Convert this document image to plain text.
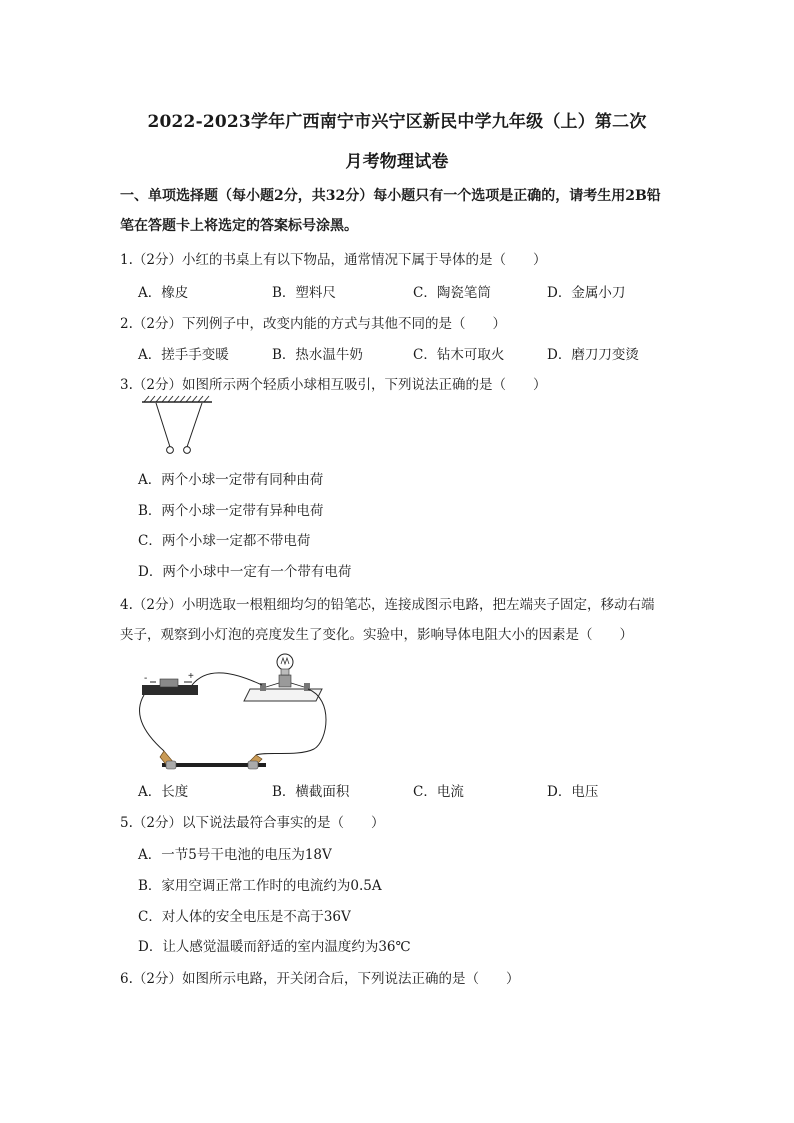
2022-2023学年广西南宁市兴宁区新民中学九年级（上）第二次
月考物理试卷
一、单项选择题（每小题2分，共32分）每小题只有一个选项是正确的，请考生用2B铅
笔在答题卡上将选定的答案标号涂黑。
1.（2分）小红的书桌上有以下物品，通常情况下属于导体的是（　　）
A．橡皮	B．塑料尺	C．陶瓷笔筒	D．金属小刀
2.（2分）下列例子中，改变内能的方式与其他不同的是（　　）
A．搓手手变暖	B．热水温牛奶	C．钻木可取火	D．磨刀刀变烫
3.（2分）如图所示两个轻质小球相互吸引，下列说法正确的是（　　）
A．两个小球一定带有同种由荷
B．两个小球一定带有异种电荷
C．两个小球一定都不带电荷
D．两个小球中一定有一个带有电荷
4.（2分）小明选取一根粗细均匀的铅笔芯，连接成图示电路，把左端夹子固定，移动右端
夹子，观察到小灯泡的亮度发生了变化。实验中，影响导体电阻大小的因素是（　　）
-	+
A．长度	B．横截面积	C．电流	D．电压
5.（2分）以下说法最符合事实的是（　　）
A．一节5号干电池的电压为18V
B．家用空调正常工作时的电流约为0.5A
C．对人体的安全电压是不高于36V
D．让人感觉温暖而舒适的室内温度约为36℃
6.（2分）如图所示电路，开关闭合后，下列说法正确的是（　　）
